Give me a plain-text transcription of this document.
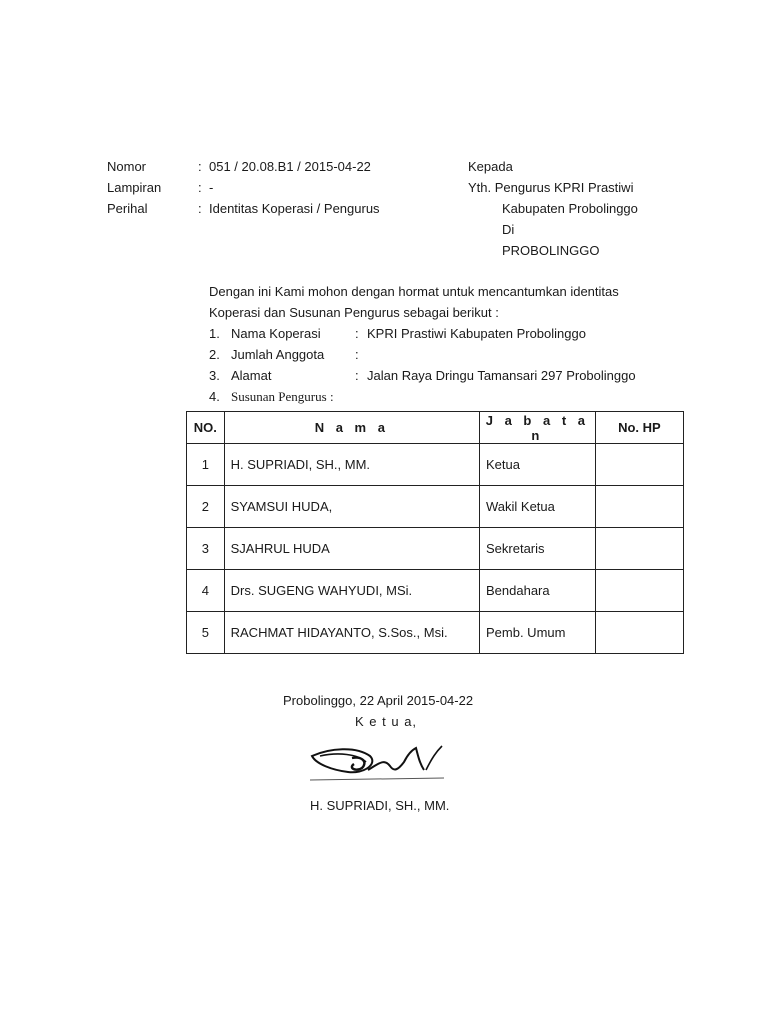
Nomor	: 051 / 20.08.B1 / 2015-04-22
Lampiran	: -
Perihal	: Identitas Koperasi / Pengurus
Kepada
Yth. Pengurus KPRI Prastiwi
Kabupaten Probolinggo
Di
PROBOLINGGO
Dengan ini Kami mohon dengan hormat untuk mencantumkan identitas
Koperasi dan Susunan Pengurus sebagai berikut :
1. Nama Koperasi	: KPRI Prastiwi Kabupaten Probolinggo
2. Jumlah Anggota :
3. Alamat	: Jalan Raya Dringu Tamansari 297 Probolinggo
4. Susunan Pengurus :
NO.	N a m a	J a b a t a n	No. HP
1	H. SUPRIADI, SH., MM.	Ketua	
2	SYAMSUI HUDA,	Wakil Ketua	
3	SJAHRUL HUDA	Sekretaris	
4	Drs. SUGENG WAHYUDI, MSi.	Bendahara	
5	RACHMAT HIDAYANTO, S.Sos., Msi.	Pemb. Umum	
Probolinggo, 22 April 2015-04-22
K e t u a,
H. SUPRIADI, SH., MM.
